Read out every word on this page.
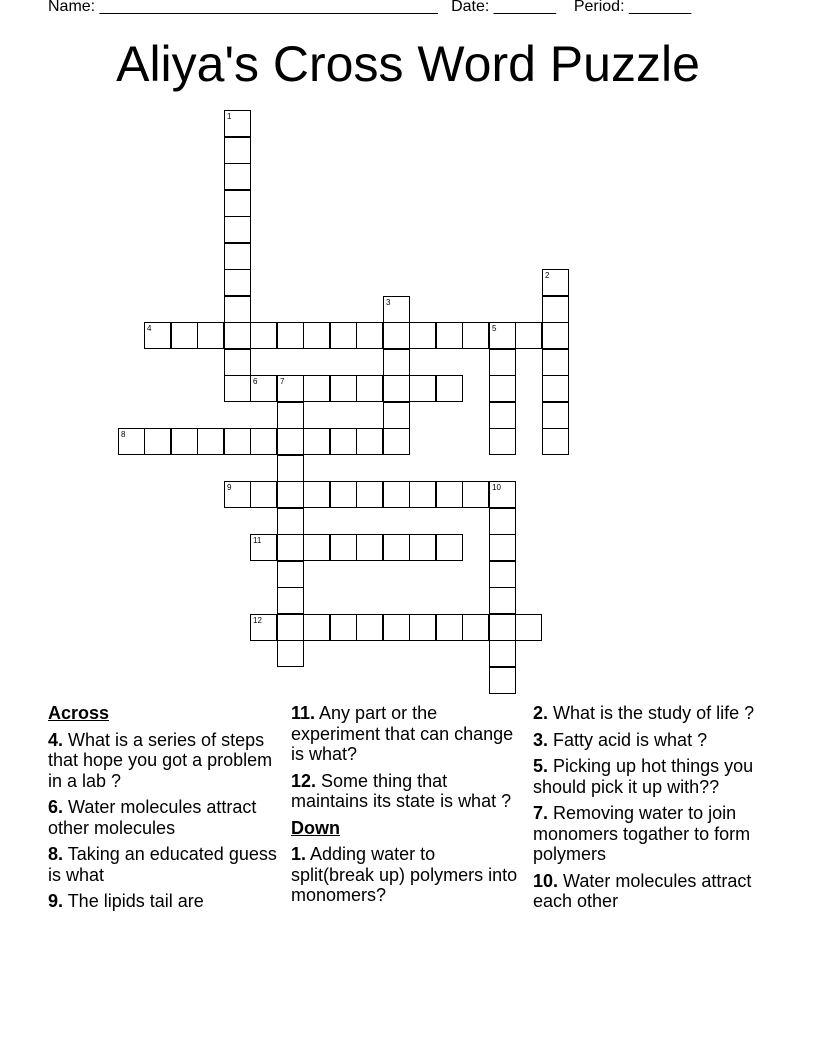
Name: ______________________________________ Date: _______ Period: _______
Aliya's Cross Word Puzzle
1
2
3
4	5
6	7
8
9	10
11
12
Across
4. What is a series of steps that hope you got a problem in a lab ?
6. Water molecules attract other molecules
8. Taking an educated guess is what
9. The lipids tail are
11. Any part or the experiment that can change is what?
12. Some thing that maintains its state is what ?
Down
1. Adding water to split(break up) polymers into monomers?
2. What is the study of life ?
3. Fatty acid is what ?
5. Picking up hot things you should pick it up with??
7. Removing water to join monomers togather to form polymers
10. Water molecules attract each other
